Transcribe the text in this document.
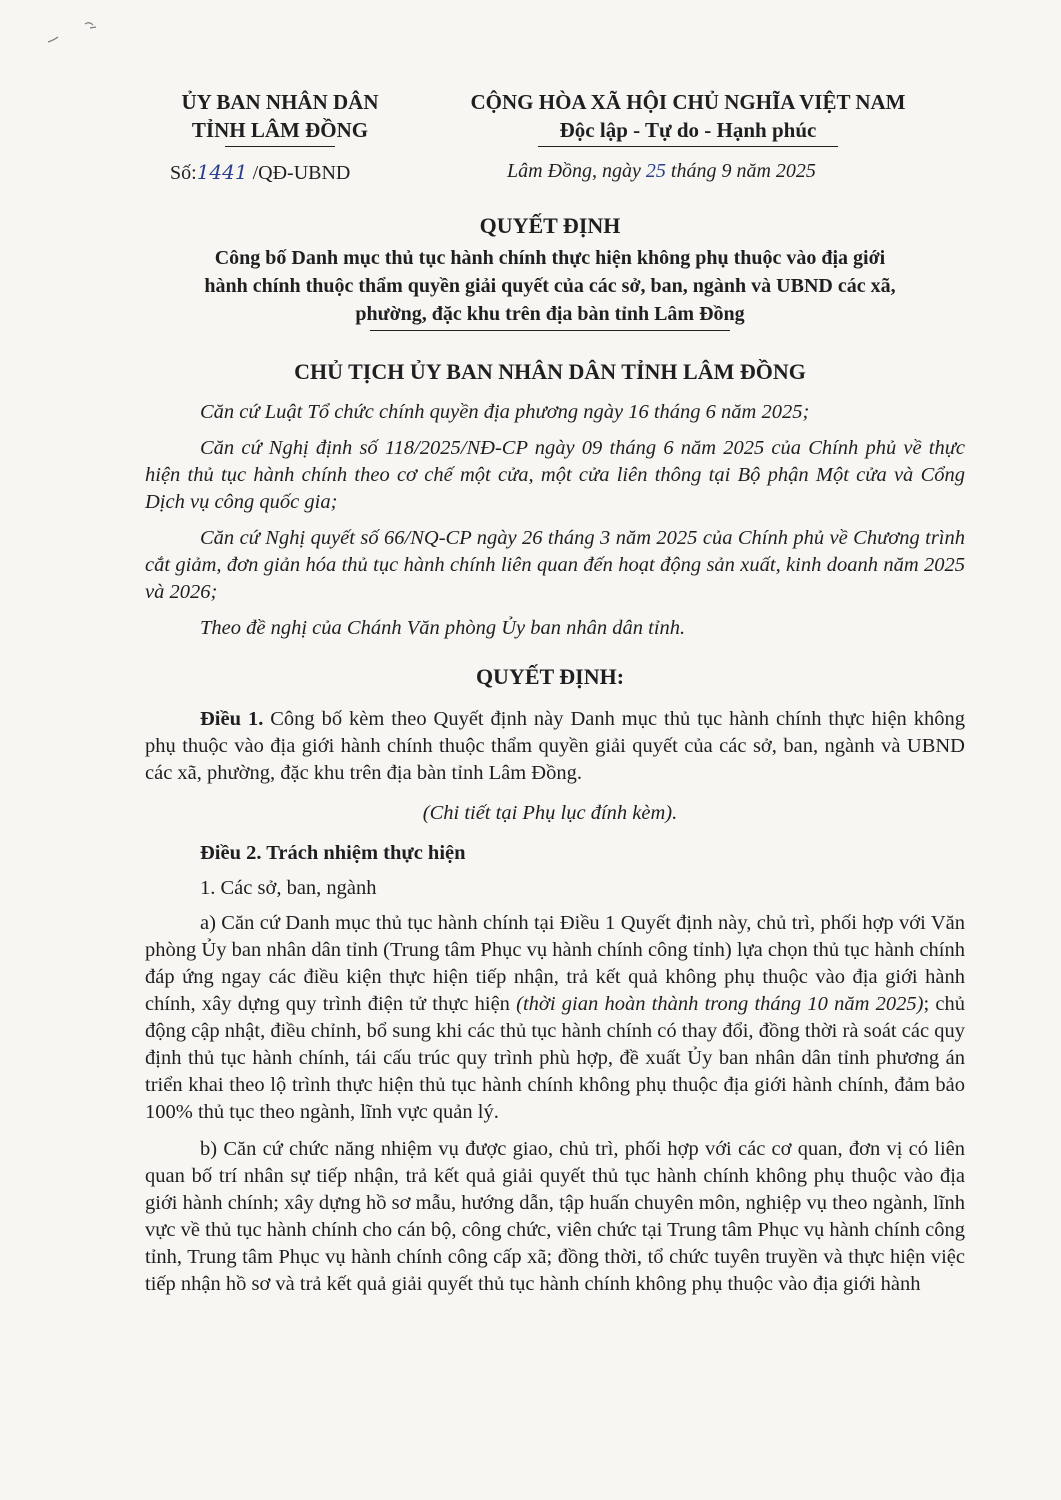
ỦY BAN NHÂN DÂN
TỈNH LÂM ĐỒNG
CỘNG HÒA XÃ HỘI CHỦ NGHĨA VIỆT NAM
Độc lập - Tự do - Hạnh phúc
Số:1441 /QĐ-UBND	Lâm Đồng, ngày 25 tháng 9 năm 2025
QUYẾT ĐỊNH
Công bố Danh mục thủ tục hành chính thực hiện không phụ thuộc vào địa giới
hành chính thuộc thẩm quyền giải quyết của các sở, ban, ngành và UBND các xã,
phường, đặc khu trên địa bàn tỉnh Lâm Đồng
CHỦ TỊCH ỦY BAN NHÂN DÂN TỈNH LÂM ĐỒNG

Căn cứ Luật Tổ chức chính quyền địa phương ngày 16 tháng 6 năm 2025;

Căn cứ Nghị định số 118/2025/NĐ-CP ngày 09 tháng 6 năm 2025 của Chính phủ về thực hiện thủ tục hành chính theo cơ chế một cửa, một cửa liên thông tại Bộ phận Một cửa và Cổng Dịch vụ công quốc gia;

Căn cứ Nghị quyết số 66/NQ-CP ngày 26 tháng 3 năm 2025 của Chính phủ về Chương trình cắt giảm, đơn giản hóa thủ tục hành chính liên quan đến hoạt động sản xuất, kinh doanh năm 2025 và 2026;

Theo đề nghị của Chánh Văn phòng Ủy ban nhân dân tỉnh.

QUYẾT ĐỊNH:

Điều 1. Công bố kèm theo Quyết định này Danh mục thủ tục hành chính thực hiện không phụ thuộc vào địa giới hành chính thuộc thẩm quyền giải quyết của các sở, ban, ngành và UBND các xã, phường, đặc khu trên địa bàn tỉnh Lâm Đồng.

(Chi tiết tại Phụ lục đính kèm).

Điều 2. Trách nhiệm thực hiện

1. Các sở, ban, ngành

a) Căn cứ Danh mục thủ tục hành chính tại Điều 1 Quyết định này, chủ trì, phối hợp với Văn phòng Ủy ban nhân dân tỉnh (Trung tâm Phục vụ hành chính công tỉnh) lựa chọn thủ tục hành chính đáp ứng ngay các điều kiện thực hiện tiếp nhận, trả kết quả không phụ thuộc vào địa giới hành chính, xây dựng quy trình điện tử thực hiện (thời gian hoàn thành trong tháng 10 năm 2025); chủ động cập nhật, điều chỉnh, bổ sung khi các thủ tục hành chính có thay đổi, đồng thời rà soát các quy định thủ tục hành chính, tái cấu trúc quy trình phù hợp, đề xuất Ủy ban nhân dân tỉnh phương án triển khai theo lộ trình thực hiện thủ tục hành chính không phụ thuộc địa giới hành chính, đảm bảo 100% thủ tục theo ngành, lĩnh vực quản lý.

b) Căn cứ chức năng nhiệm vụ được giao, chủ trì, phối hợp với các cơ quan, đơn vị có liên quan bố trí nhân sự tiếp nhận, trả kết quả giải quyết thủ tục hành chính không phụ thuộc vào địa giới hành chính; xây dựng hồ sơ mẫu, hướng dẫn, tập huấn chuyên môn, nghiệp vụ theo ngành, lĩnh vực về thủ tục hành chính cho cán bộ, công chức, viên chức tại Trung tâm Phục vụ hành chính công tỉnh, Trung tâm Phục vụ hành chính công cấp xã; đồng thời, tổ chức tuyên truyền và thực hiện việc tiếp nhận hồ sơ và trả kết quả giải quyết thủ tục hành chính không phụ thuộc vào địa giới hành
